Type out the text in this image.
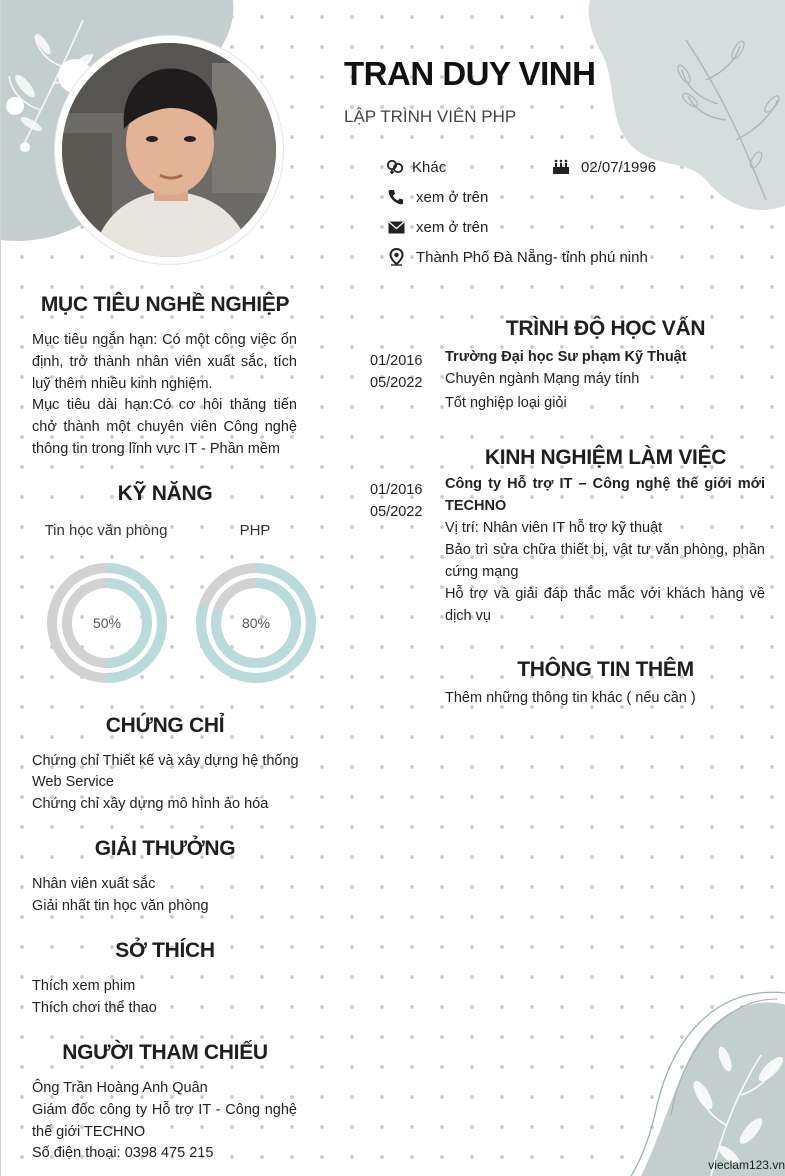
TRAN DUY VINH
LẬP TRÌNH VIÊN PHP
Khác	02/07/1996
xem ở trên
xem ở trên
Thành Phố Đà Nẵng- tỉnh phú ninh
MỤC TIÊU NGHỀ NGHIỆP
Mục tiêu ngắn hạn: Có một công việc ổn định, trở thành nhân viên xuất sắc, tích luỹ thêm nhiều kinh nghiệm.
Mục tiêu dài hạn:Có cơ hôi thăng tiến chở thành một chuyên viên Công nghệ thông tin trong lĩnh vực IT - Phần mềm
KỸ NĂNG
Tin học văn phòng	PHP
50%	80%
CHỨNG CHỈ
Chứng chỉ Thiết kế và xây dựng hệ thống
Web Service
Chứng chỉ xây dựng mô hình ảo hóa
GIẢI THƯỞNG
Nhân viên xuất sắc
Giải nhất tin học văn phòng
SỞ THÍCH
Thích xem phim
Thích chơi thể thao
NGƯỜI THAM CHIẾU
Ông Trần Hoàng Anh Quân
Giám đốc công ty Hỗ trợ IT - Công nghệ thế giới TECHNO
Số điện thoại: 0398 475 215
TRÌNH ĐỘ HỌC VẤN
01/2016
05/2022
Trường Đại học Sư phạm Kỹ Thuật
Chuyên ngành Mạng máy tính
Tốt nghiệp loại giỏi
KINH NGHIỆM LÀM VIỆC
01/2016
05/2022
Công ty Hỗ trợ IT – Công nghệ thế giới mới TECHNO
Vị trí: Nhân viên IT hỗ trợ kỹ thuật
Bảo trì sửa chữa thiết bị, vật tư văn phòng, phần cứng mạng
Hỗ trợ và giải đáp thắc mắc với khách hàng về dịch vụ
THÔNG TIN THÊM
Thêm những thông tin khác ( nếu cần )
vieclam123.vn
